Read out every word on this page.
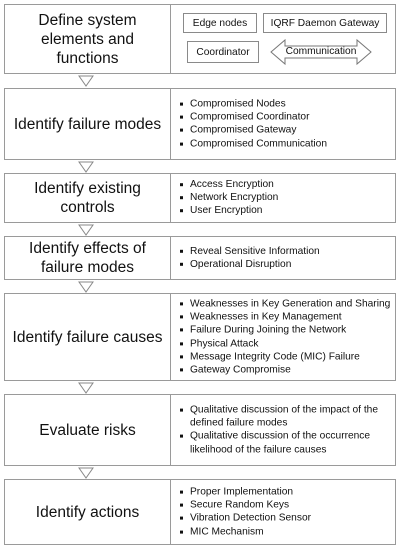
Define system elements and functions
Edge nodes	IQRF Daemon Gateway
Coordinator	Communication
Identify failure modes
Compromised Nodes
Compromised Coordinator
Compromised Gateway
Compromised Communication
Identify existing controls
Access Encryption
Network Encryption
User Encryption
Identify effects of failure modes
Reveal Sensitive Information
Operational Disruption
Identify failure causes
Weaknesses in Key Generation and Sharing
Weaknesses in Key Management
Failure During Joining the Network
Physical Attack
Message Integrity Code (MIC) Failure
Gateway Compromise
Evaluate risks
Qualitative discussion of the impact of the defined failure modes
Qualitative discussion of the occurrence likelihood of the failure causes
Identify actions
Proper Implementation
Secure Random Keys
Vibration Detection Sensor
MIC Mechanism
